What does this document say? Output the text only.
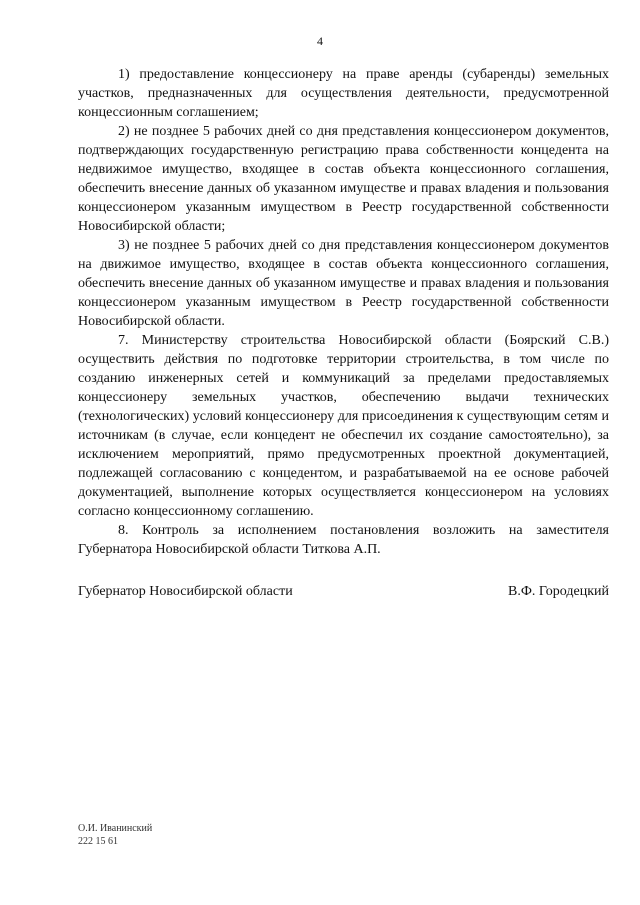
4

1) предоставление концессионеру на праве аренды (субаренды) земельных участков, предназначенных для осуществления деятельности, предусмотренной концессионным соглашением;

2) не позднее 5 рабочих дней со дня представления концессионером документов, подтверждающих государственную регистрацию права собственности концедента на недвижимое имущество, входящее в состав объекта концессионного соглашения, обеспечить внесение данных об указанном имуществе и правах владения и пользования концессионером указанным имуществом в Реестр государственной собственности Новосибирской области;

3) не позднее 5 рабочих дней со дня представления концессионером документов на движимое имущество, входящее в состав объекта концессионного соглашения, обеспечить внесение данных об указанном имуществе и правах владения и пользования концессионером указанным имуществом в Реестр государственной собственности Новосибирской области.

7. Министерству строительства Новосибирской области (Боярский С.В.) осуществить действия по подготовке территории строительства, в том числе по созданию инженерных сетей и коммуникаций за пределами предоставляемых концессионеру земельных участков, обеспечению выдачи технических (технологических) условий концессионеру для присоединения к существующим сетям и источникам (в случае, если концедент не обеспечил их создание самостоятельно), за исключением мероприятий, прямо предусмотренных проектной документацией, подлежащей согласованию с концедентом, и разрабатываемой на ее основе рабочей документацией, выполнение которых осуществляется концессионером на условиях согласно концессионному соглашению.

8. Контроль за исполнением постановления возложить на заместителя Губернатора Новосибирской области Титкова А.П.

Губернатор Новосибирской области	В.Ф. Городецкий
О.И. Иванинский
222 15 61
